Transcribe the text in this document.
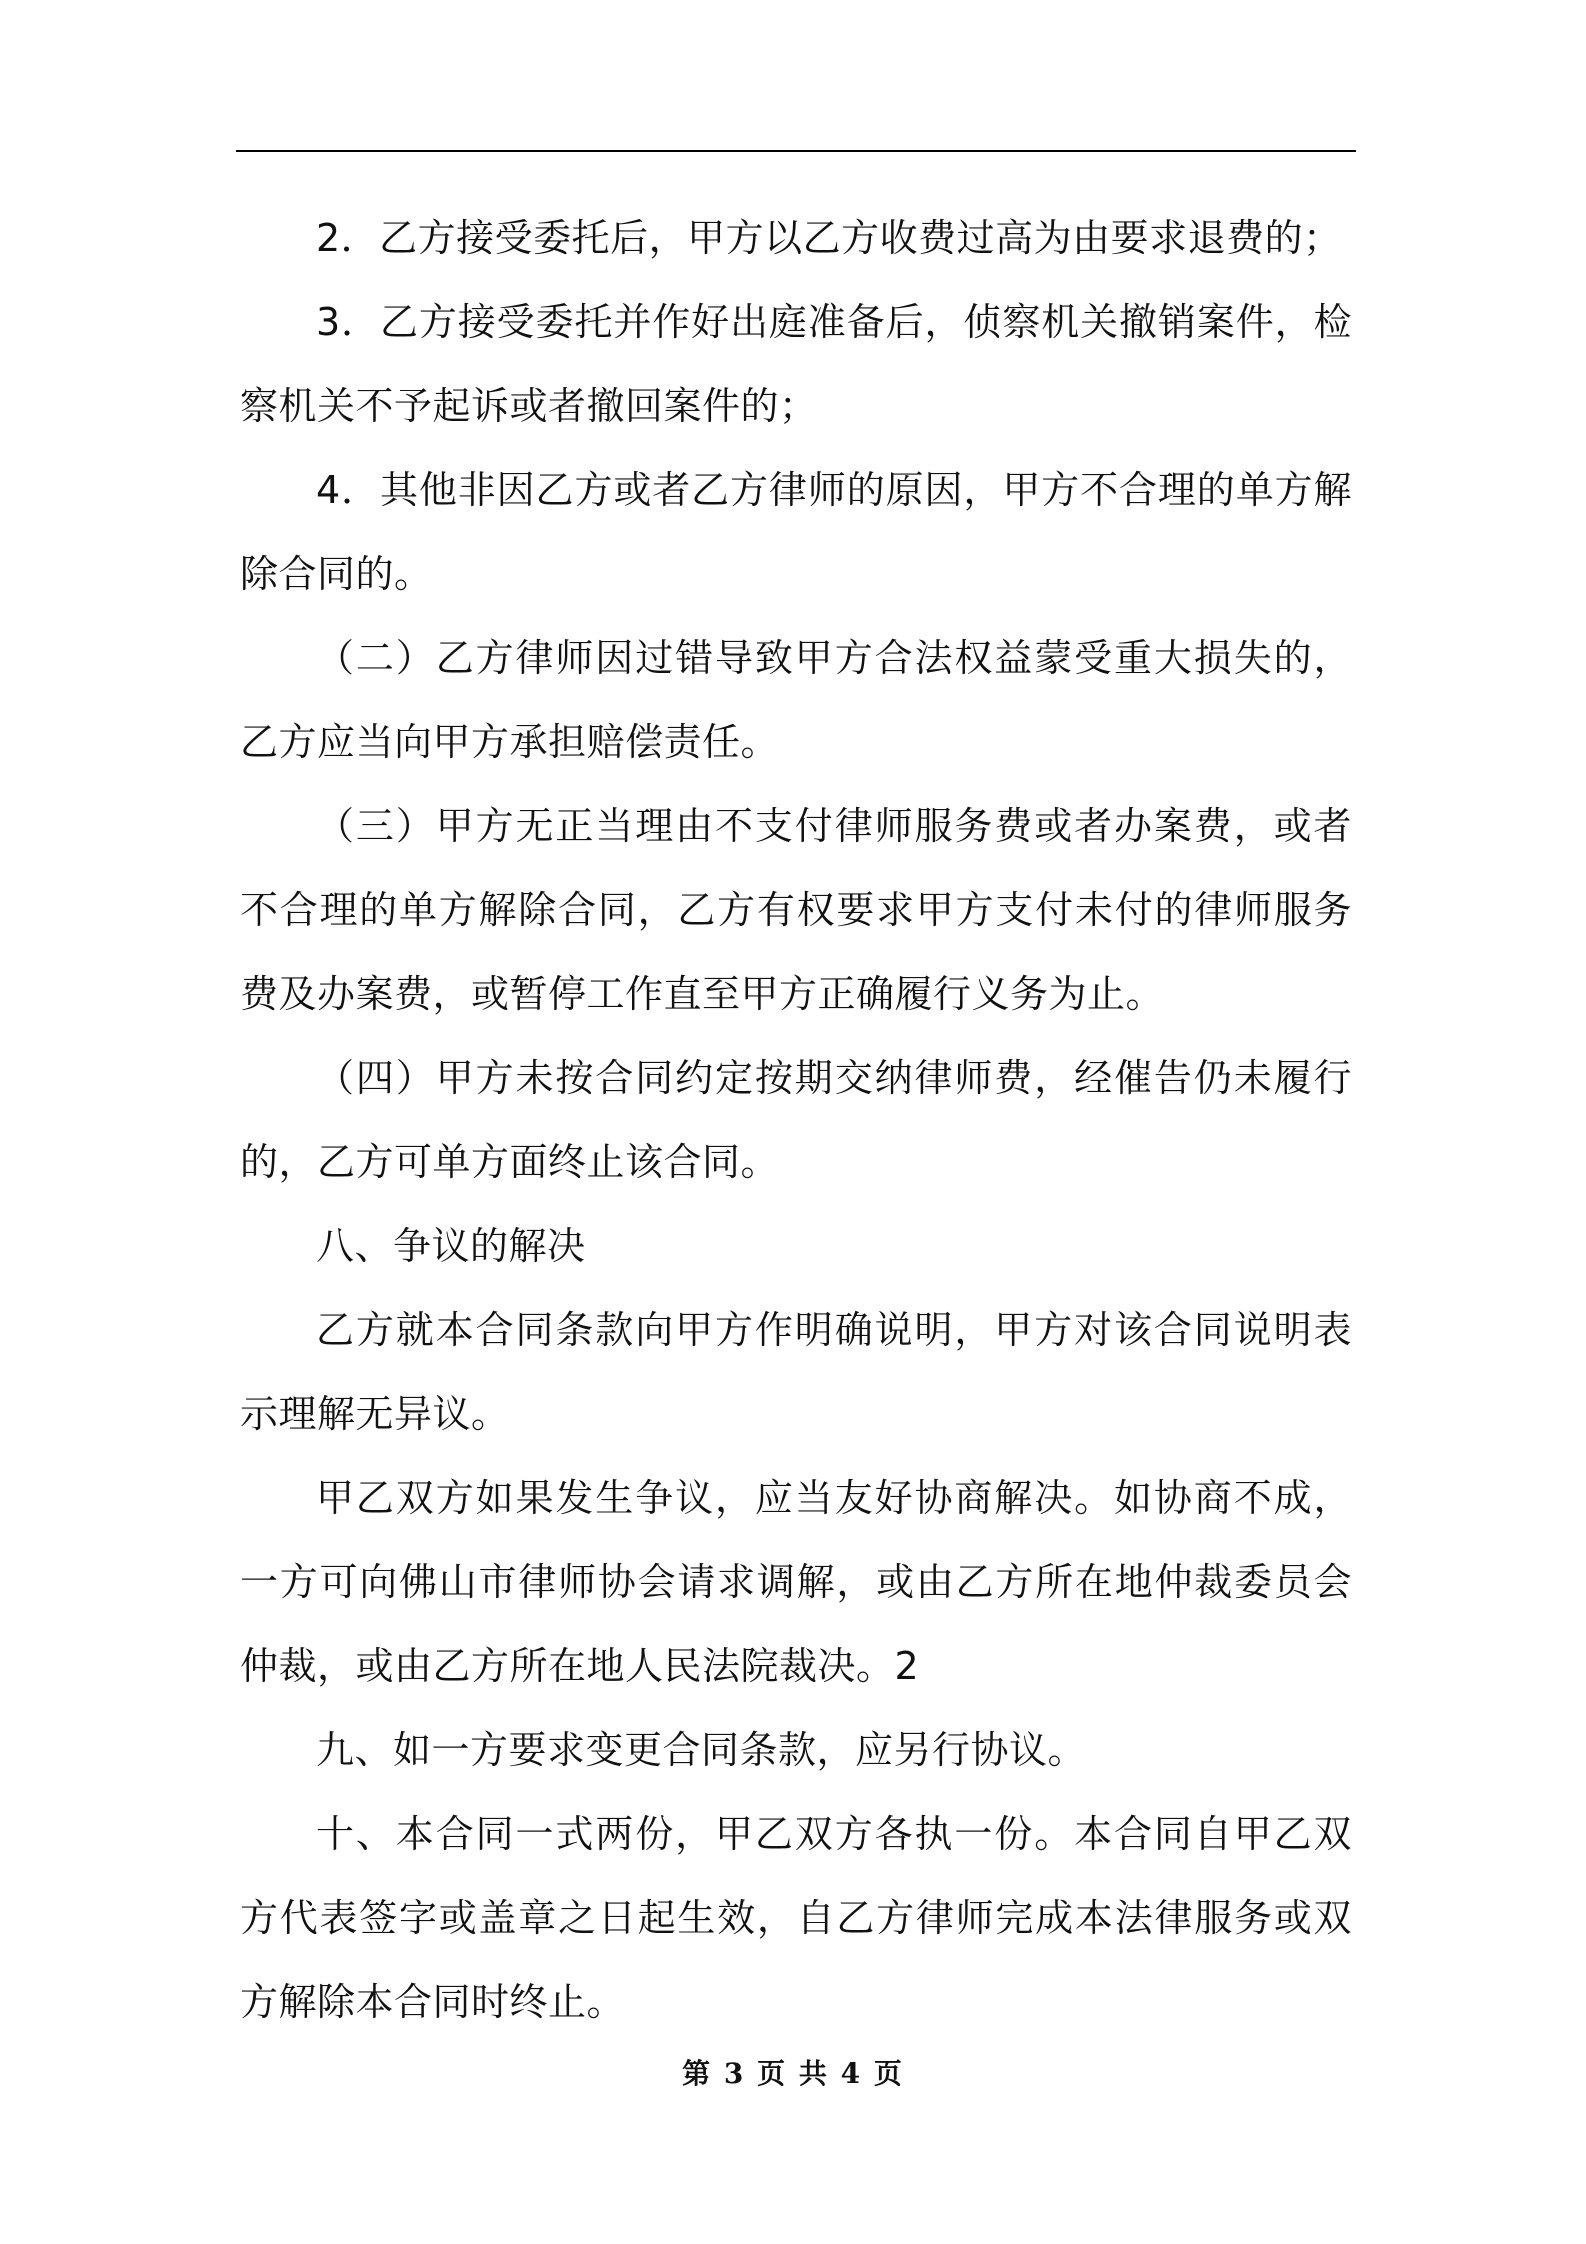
2．乙方接受委托后，甲方以乙方收费过高为由要求退费的；

3．乙方接受委托并作好出庭准备后，侦察机关撤销案件，检察机关不予起诉或者撤回案件的；

4．其他非因乙方或者乙方律师的原因，甲方不合理的单方解除合同的。

（二）乙方律师因过错导致甲方合法权益蒙受重大损失的，乙方应当向甲方承担赔偿责任。

（三）甲方无正当理由不支付律师服务费或者办案费，或者不合理的单方解除合同，乙方有权要求甲方支付未付的律师服务费及办案费，或暂停工作直至甲方正确履行义务为止。

（四）甲方未按合同约定按期交纳律师费，经催告仍未履行的，乙方可单方面终止该合同。

八、争议的解决

乙方就本合同条款向甲方作明确说明，甲方对该合同说明表示理解无异议。

甲乙双方如果发生争议，应当友好协商解决。如协商不成，一方可向佛山市律师协会请求调解，或由乙方所在地仲裁委员会仲裁，或由乙方所在地人民法院裁决。2

九、如一方要求变更合同条款，应另行协议。

十、本合同一式两份，甲乙双方各执一份。本合同自甲乙双方代表签字或盖章之日起生效，自乙方律师完成本法律服务或双方解除本合同时终止。

第 3 页 共 4 页
